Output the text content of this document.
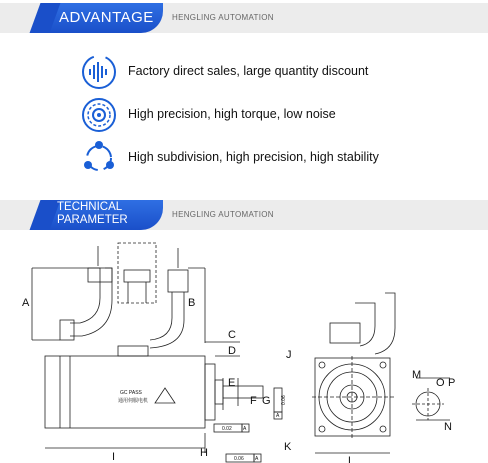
ADVANTAGE HENGLING AUTOMATION
Factory direct sales, large quantity discount
High precision, high torque, low noise
High subdivision, high precision, high stability
TECHNICAL
PARAMETER	HENGLING AUTOMATION
A	B
C
D
E
F G
H
I
J
K
L
M
N
O P
GC PASS
通用伺服电机
0.02 A
0.06 A
0.06
A
